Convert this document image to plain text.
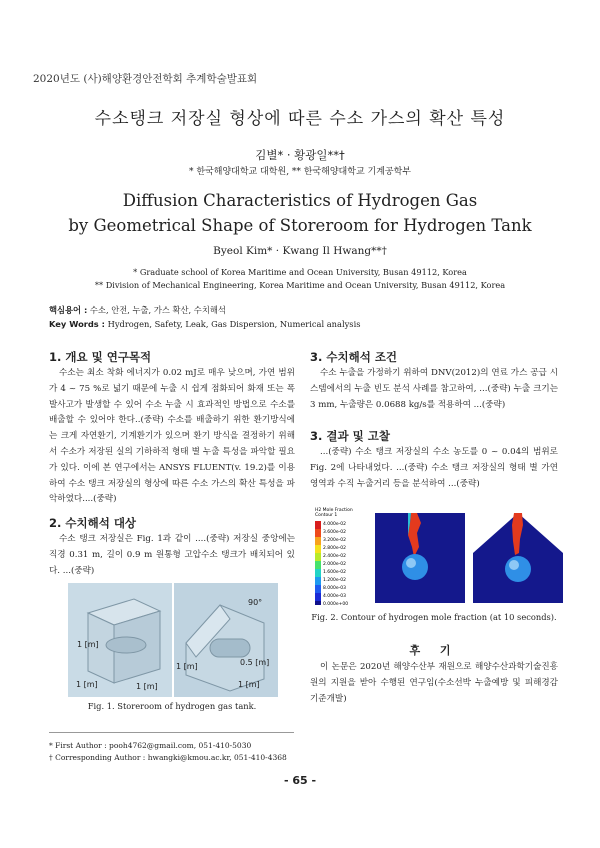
2020년도 (사)해양환경안전학회 추계학술발표회
수소탱크 저장실 형상에 따른 수소 가스의 확산 특성
김별* · 황광일**†
* 한국해양대학교 대학원, ** 한국해양대학교 기계공학부
Diffusion Characteristics of Hydrogen Gas
by Geometrical Shape of Storeroom for Hydrogen Tank
Byeol Kim* · Kwang Il Hwang**†
* Graduate school of Korea Maritime and Ocean University, Busan 49112, Korea
** Division of Mechanical Engineering, Korea Maritime and Ocean University, Busan 49112, Korea
핵심용어 : 수소, 안전, 누출, 가스 확산, 수치해석
Key Words : Hydrogen, Safety, Leak, Gas Dispersion, Numerical analysis
1. 개요 및 연구목적
수소는 최소 착화 에너지가 0.02 mJ로 매우 낮으며, 가연 범위가 4 ~ 75 %로 넓기 때문에 누출 시 쉽게 점화되어 화재 또는 폭발사고가 발생할 수 있어 수소 누출 시 효과적인 방법으로 수소를 배출할 수 있어야 한다..(중략) 수소를 배출하기 위한 환기방식에는 크게 자연환기, 기계환기가 있으며 환기 방식을 결정하기 위해서 수소가 저장된 실의 기하하적 형태 별 누출 특성을 파악할 필요가 있다. 이에 본 연구에서는 ANSYS FLUENT(v. 19.2)를 이용하여 수소 탱크 저장실의 형상에 따른 수소 가스의 확산 특성을 파악하였다....(중략)
2. 수치해석 대상
수소 탱크 저장실은 Fig. 1과 같이 ....(중략) 저장실 중앙에는 직경 0.31 m, 길이 0.9 m 원통형 고압수소 탱크가 배치되어 있다. ...(중략)
1 [m]
1 [m]	1 [m]
90°
1 [m]	0.5 [m]
1 [m]
Fig. 1. Storeroom of hydrogen gas tank.
* First Author : pooh4762@gmail.com, 051-410-5030
† Corresponding Author : hwangki@kmou.ac.kr, 051-410-4368
3. 수치해석 조건
수소 누출을 가정하기 위하여 DNV(2012)의 연료 가스 공급 시스템에서의 누출 빈도 분석 사례를 참고하여, ...(중략) 누출 크기는 3 mm, 누출량은 0.0688 kg/s를 적용하여 ...(중략)
3. 결과 및 고찰
...(중략) 수소 탱크 저장실의 수소 농도를 0 ~ 0.04의 범위로 Fig. 2에 나타내었다. ...(중략) 수소 탱크 저장실의 형태 별 가연 영역과 수직 누출거리 등을 분석하여 ...(중략)
H2 Mole Fraction
Contour 1
4.000e-02
3.600e-02
3.200e-02
2.800e-02
2.400e-02
2.000e-02
1.600e-02
1.200e-02
8.000e-03
4.000e-03
0.000e+00
Fig. 2. Contour of hydrogen mole fraction (at 10 seconds).
후 기
이 논문은 2020년 해양수산부 재원으로 해양수산과학기술진흥원의 지원을 받아 수행된 연구임(수소선박 누출예방 및 피해경감 기준개발)
- 65 -
